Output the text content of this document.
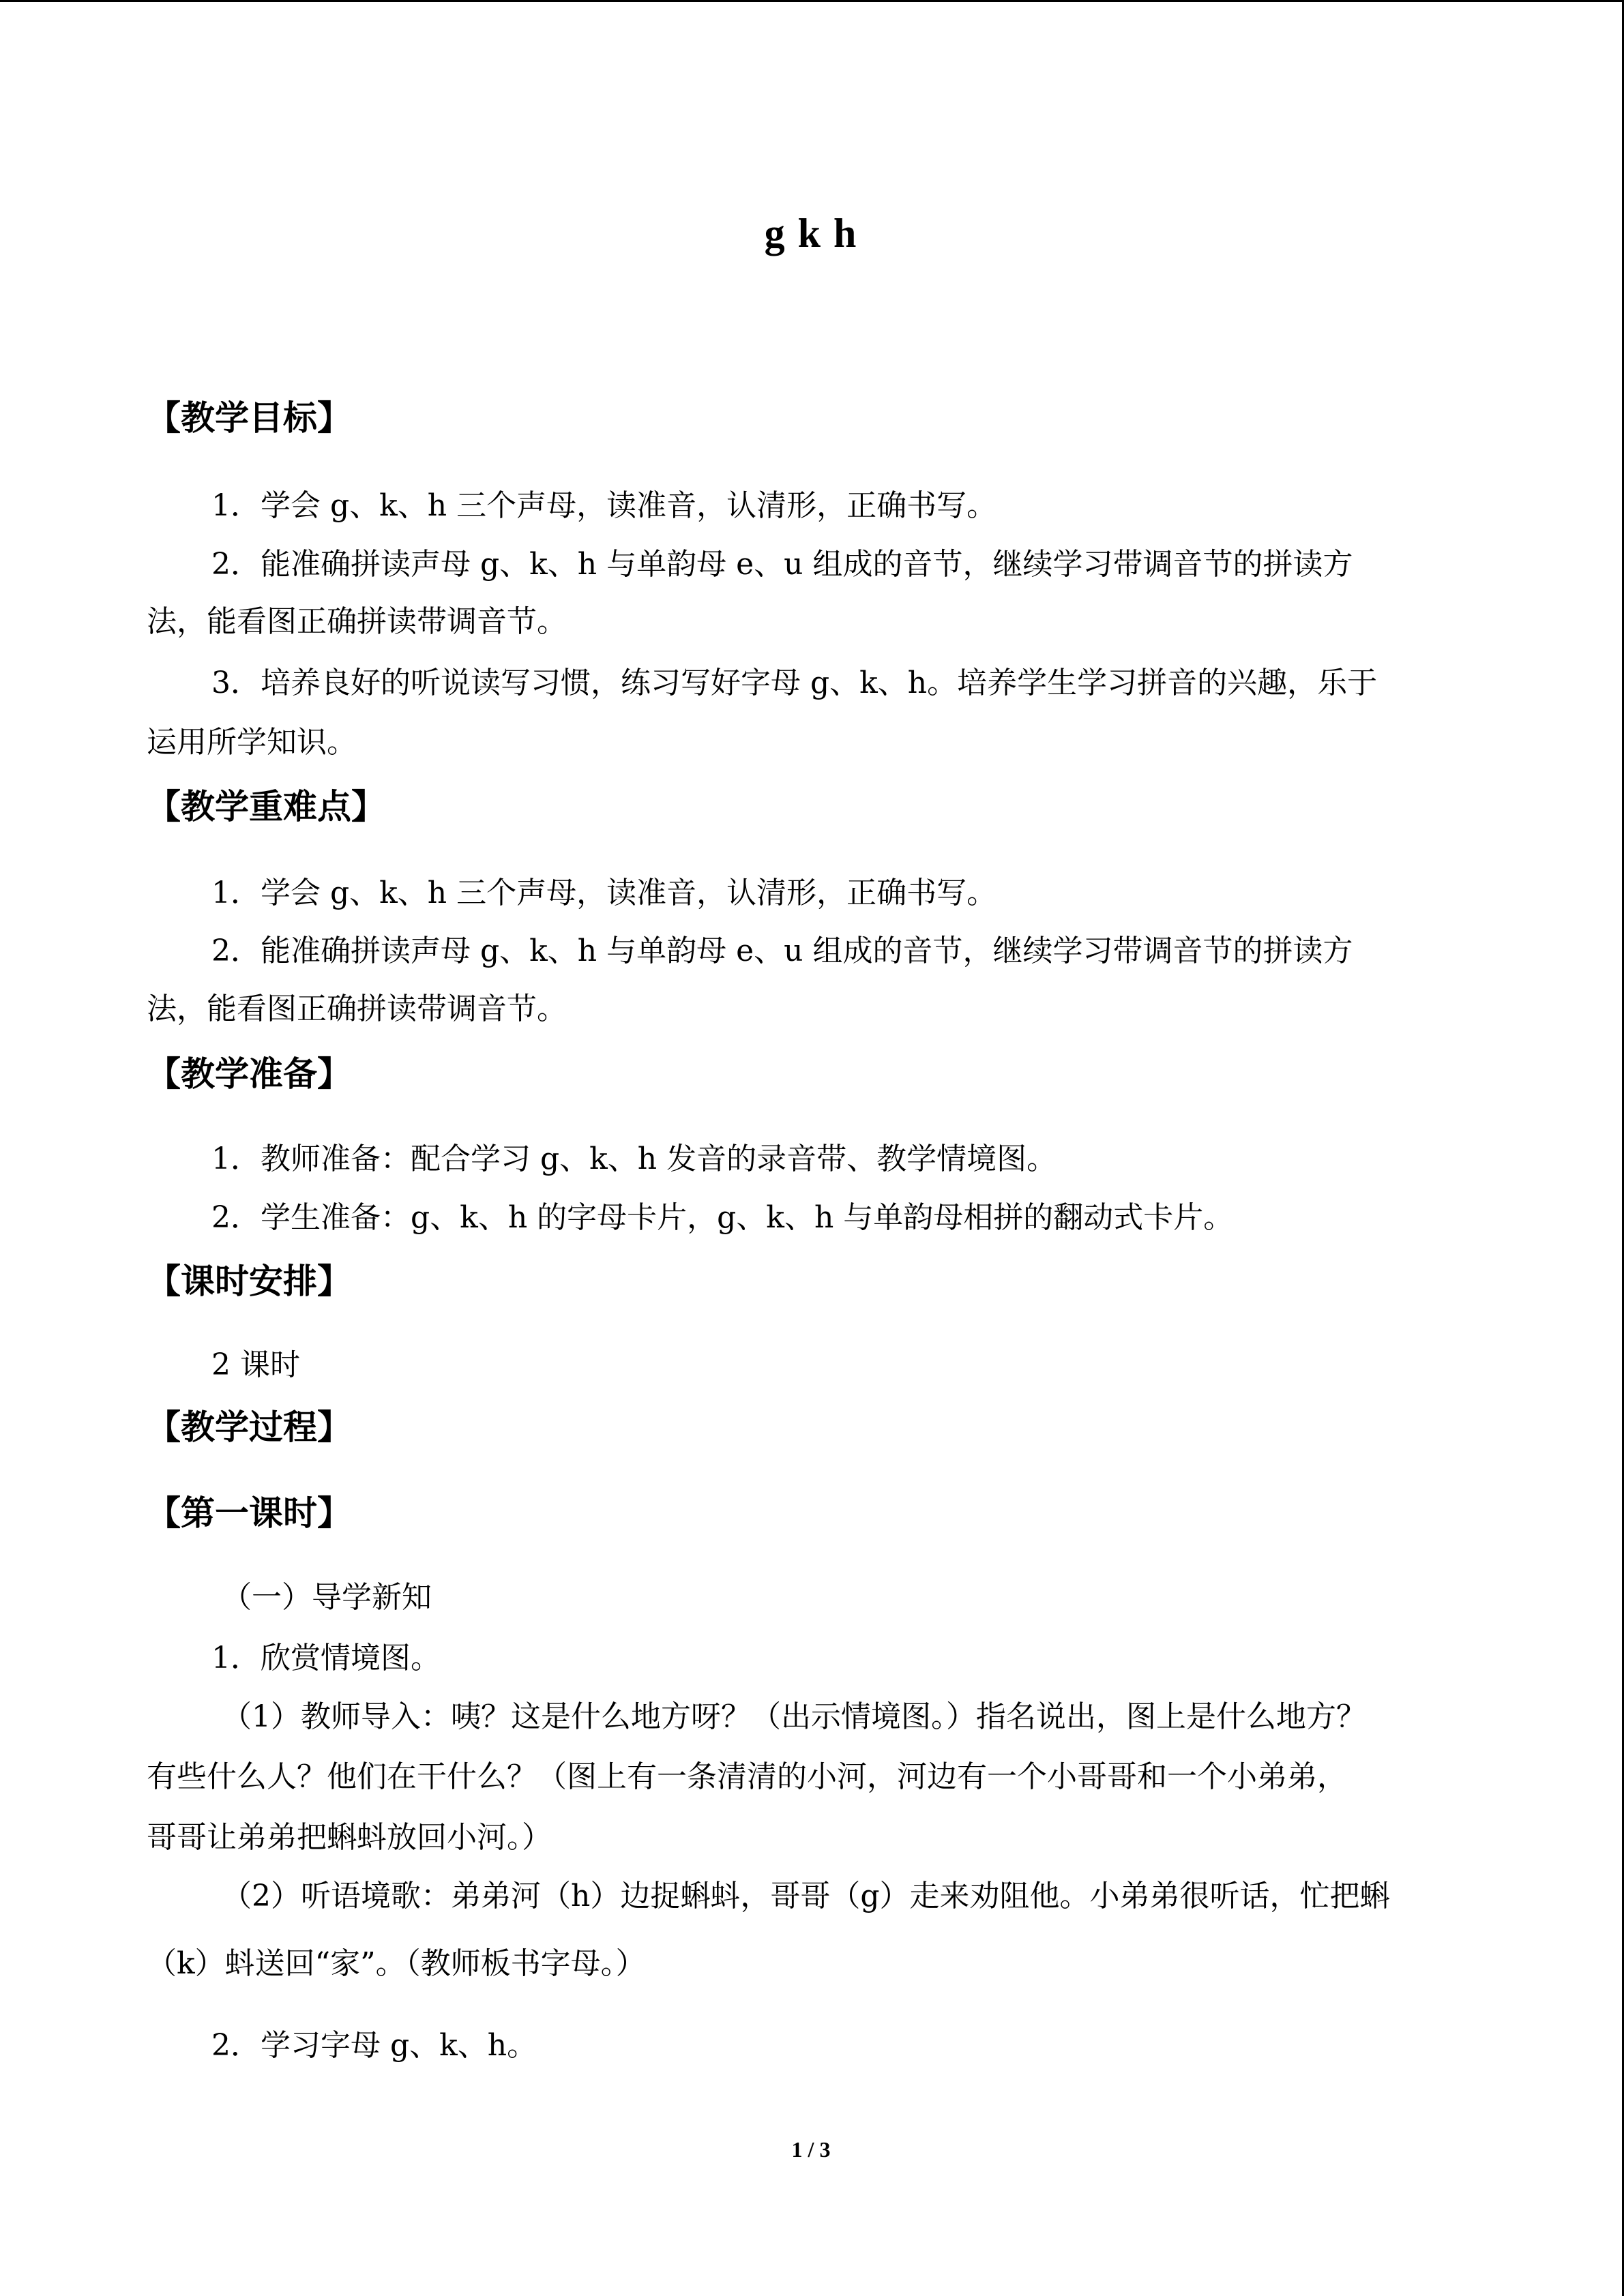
g k h
【教学目标】
1．学会 g、k、h 三个声母，读准音，认清形，正确书写。
2．能准确拼读声母 g、k、h 与单韵母 e、u 组成的音节，继续学习带调音节的拼读方
法，能看图正确拼读带调音节。
3．培养良好的听说读写习惯，练习写好字母 g、k、h。培养学生学习拼音的兴趣，乐于
运用所学知识。
【教学重难点】
1．学会 g、k、h 三个声母，读准音，认清形，正确书写。
2．能准确拼读声母 g、k、h 与单韵母 e、u 组成的音节，继续学习带调音节的拼读方
法，能看图正确拼读带调音节。
【教学准备】
1．教师准备：配合学习 g、k、h 发音的录音带、教学情境图。
2．学生准备：g、k、h 的字母卡片，g、k、h 与单韵母相拼的翻动式卡片。
【课时安排】
2 课时
【教学过程】
【第一课时】
（一）导学新知
1．欣赏情境图。
（1）教师导入：咦？这是什么地方呀？（出示情境图。）指名说出，图上是什么地方？
有些什么人？他们在干什么？（图上有一条清清的小河，河边有一个小哥哥和一个小弟弟，
哥哥让弟弟把蝌蚪放回小河。）
（2）听语境歌：弟弟河（h）边捉蝌蚪，哥哥（g）走来劝阻他。小弟弟很听话，忙把蝌
（k）蚪送回“家”。（教师板书字母。）
2．学习字母 g、k、h。
1 / 3
